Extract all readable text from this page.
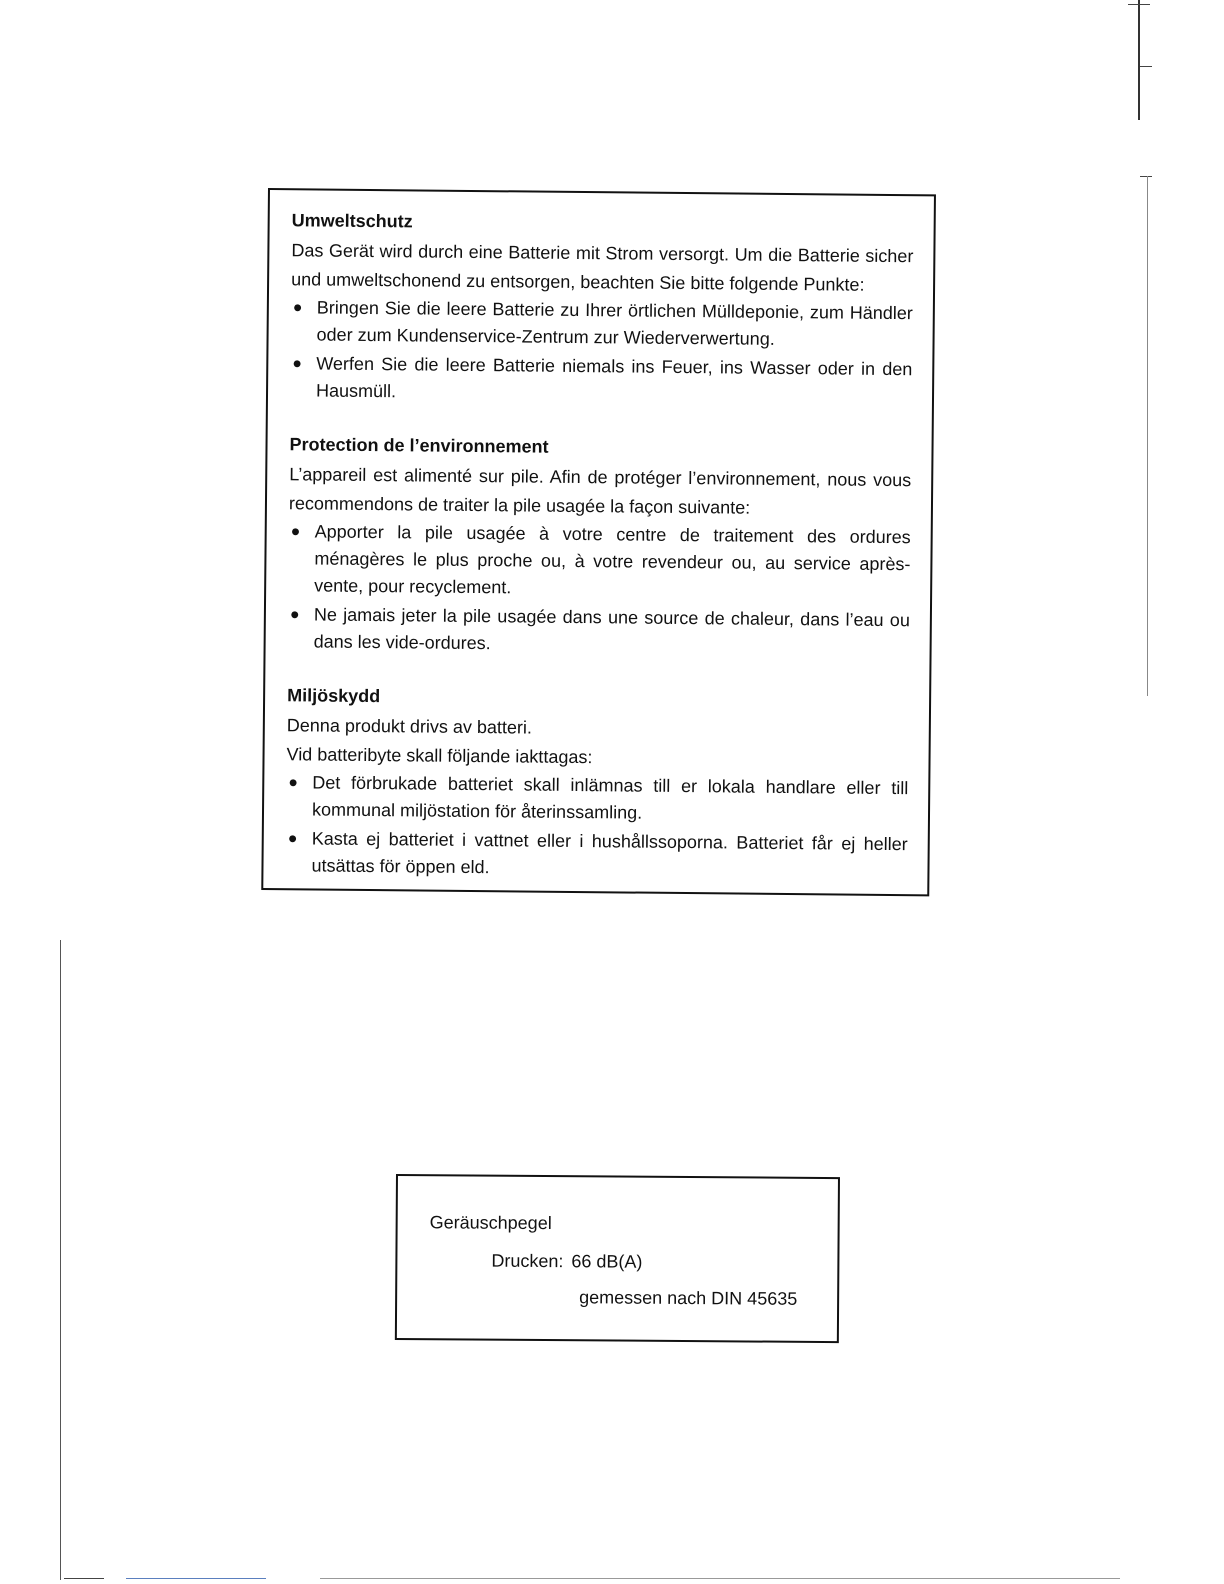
Umweltschutz

Das Gerät wird durch eine Batterie mit Strom versorgt. Um die Batterie sicher und umweltschonend zu entsorgen, beachten Sie bitte folgende Punkte:

● Bringen Sie die leere Batterie zu Ihrer örtlichen Mülldeponie, zum Händler oder zum Kundenservice-Zentrum zur Wiederverwertung.
● Werfen Sie die leere Batterie niemals ins Feuer, ins Wasser oder in den Hausmüll.
Protection de l’environnement

L’appareil est alimenté sur pile. Afin de protéger l’environnement, nous vous recommendons de traiter la pile usagée la façon suivante:

● Apporter la pile usagée à votre centre de traitement des ordures ménagères le plus proche ou, à votre revendeur ou, au service après-vente, pour recyclement.
● Ne jamais jeter la pile usagée dans une source de chaleur, dans l’eau ou dans les vide-ordures.
Miljöskydd

Denna produkt drivs av batteri.

Vid batteribyte skall följande iakttagas:

● Det förbrukade batteriet skall inlämnas till er lokala handlare eller till kommunal miljöstation för återinssamling.
● Kasta ej batteriet i vattnet eller i hushållssoporna. Batteriet får ej heller utsättas för öppen eld.
Geräuschpegel
Drucken: 66 dB(A)
gemessen nach DIN 45635
